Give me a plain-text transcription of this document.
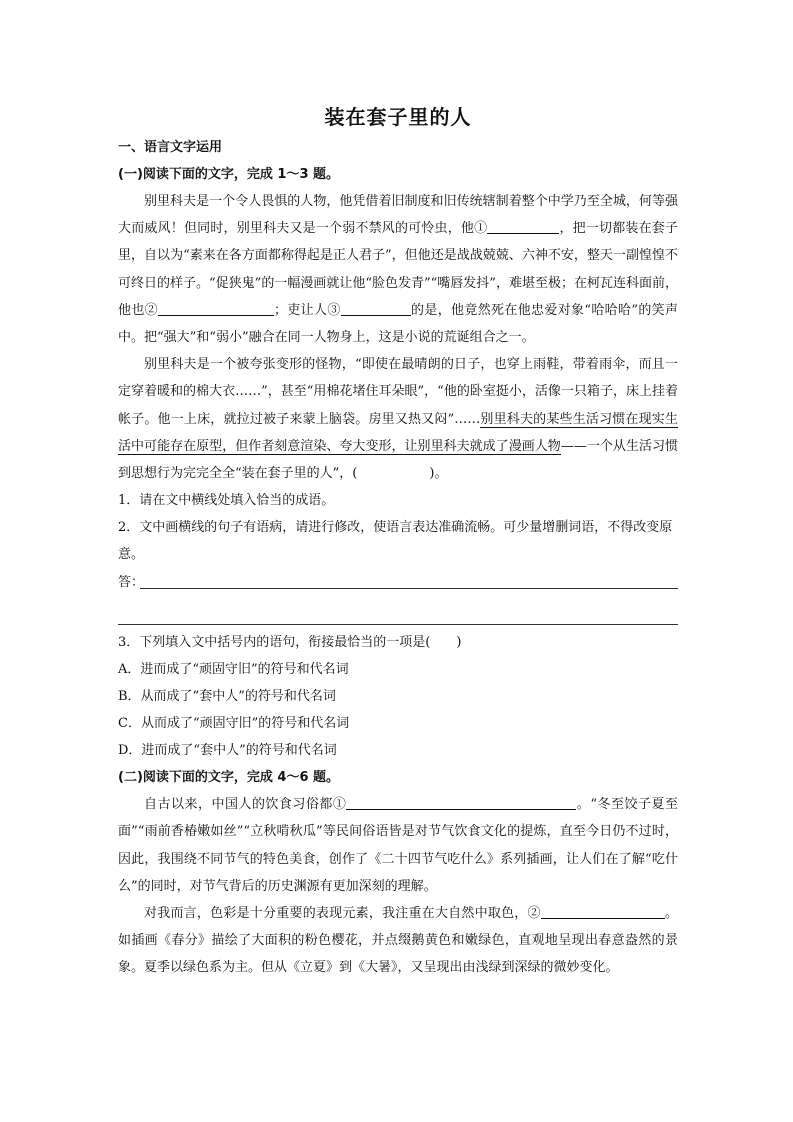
装在套子里的人
一、语言文字运用
(一)阅读下面的文字，完成 1～3 题。

别里科夫是一个令人畏惧的人物，他凭借着旧制度和旧传统辖制着整个中学乃至全城，何等强大而威风！但同时，别里科夫又是一个弱不禁风的可怜虫，他①	，把一切都装在套子里，自以为“素来在各方面都称得起是正人君子”，但他还是战战兢兢、六神不安，整天一副惶惶不可终日的样子。“促狭鬼”的一幅漫画就让他“脸色发青”“嘴唇发抖”，难堪至极；在柯瓦连科面前，他也②	；吏让人③	的是，他竟然死在他忠爱对象“哈哈哈”的笑声中。把“强大”和“弱小”融合在同一人物身上，这是小说的荒诞组合之一。

别里科夫是一个被夸张变形的怪物，“即使在最晴朗的日子，也穿上雨鞋，带着雨伞，而且一定穿着暖和的棉大衣……”，甚至“用棉花堵住耳朵眼”，“他的卧室挺小，活像一只箱子，床上挂着帐子。他一上床，就拉过被子来蒙上脑袋。房里又热又闷”……别里科夫的某些生活习惯在现实生活中可能存在原型，但作者刻意渲染、夸大变形，让别里科夫就成了漫画人物——一个从生活习惯到思想行为完完全全“装在套子里的人”，(	)。

1．请在文中横线处填入恰当的成语。

2．文中画横线的句子有语病，请进行修改，使语言表达准确流畅。可少量增删词语，不得改变原意。

答：

3．下列填入文中括号内的语句，衔接最恰当的一项是(　　)

A．进而成了“顽固守旧”的符号和代名词
B．从而成了“套中人”的符号和代名词
C．从而成了“顽固守旧”的符号和代名词
D．进而成了“套中人”的符号和代名词
(二)阅读下面的文字，完成 4～6 题。

自古以来，中国人的饮食习俗都①	。“冬至饺子夏至面”“雨前香椿嫩如丝”“立秋啃秋瓜”等民间俗语皆是对节气饮食文化的提炼，直至今日仍不过时，因此，我围绕不同节气的特色美食，创作了《二十四节气吃什么》系列插画，让人们在了解“吃什么”的同时，对节气背后的历史渊源有更加深刻的理解。

对我而言，色彩是十分重要的表现元素，我注重在大自然中取色，②	。如插画《春分》描绘了大面积的粉色樱花，并点缀鹅黄色和嫩绿色，直观地呈现出春意盎然的景象。夏季以绿色系为主。但从《立夏》到《大暑》，又呈现出由浅绿到深绿的微妙变化。
